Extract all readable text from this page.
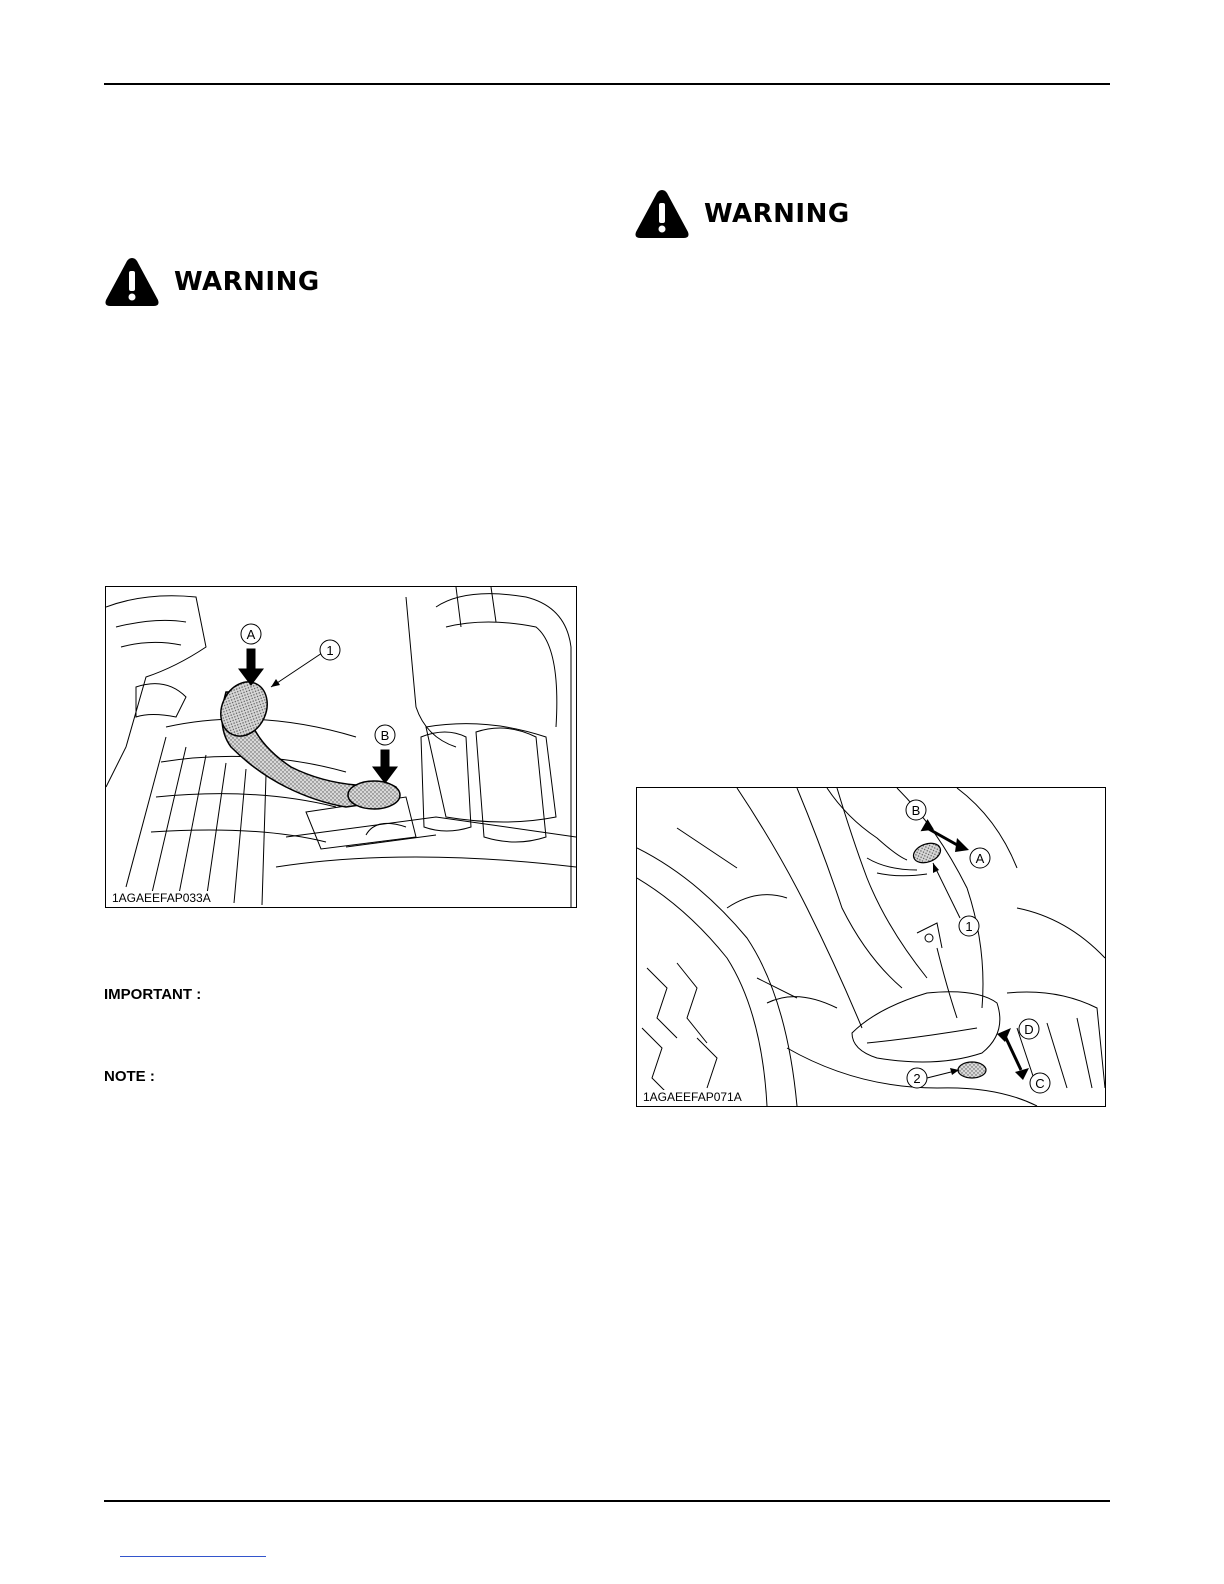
WARNING
WARNING
A
1
B
1AGAEEFAP033A
B
A
1
D
C
2
1AGAEEFAP071A
IMPORTANT :
NOTE :
